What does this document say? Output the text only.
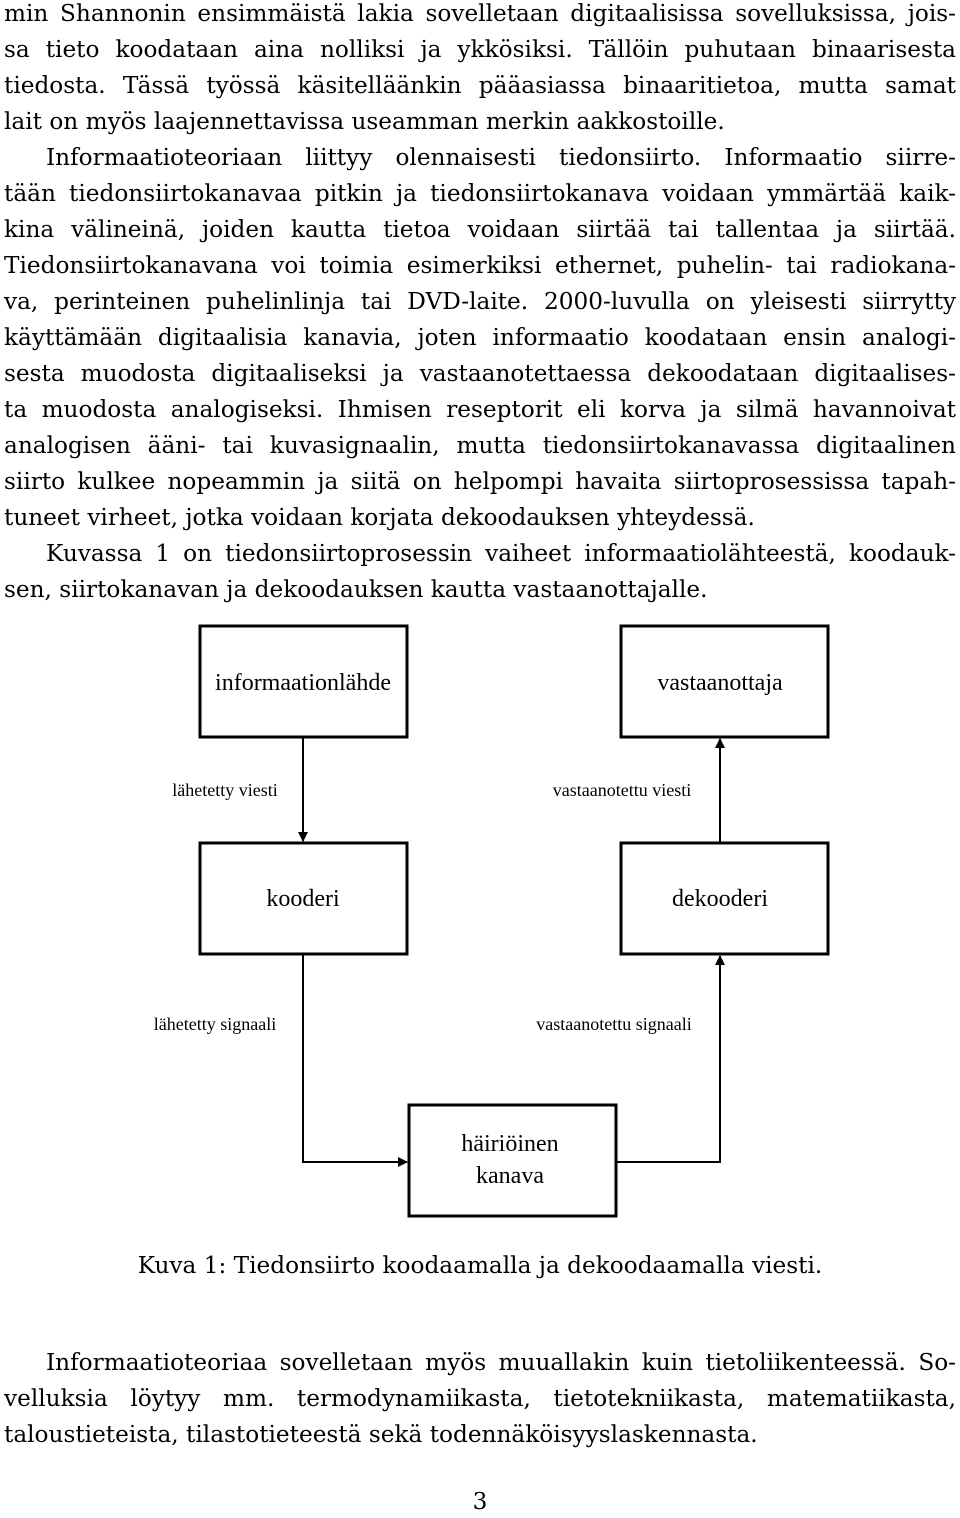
min Shannonin ensimmäistä lakia sovelletaan digitaalisissa sovelluksissa, jois-
sa tieto koodataan aina nolliksi ja ykkösiksi. Tällöin puhutaan binaarisesta
tiedosta. Tässä työssä käsitelläänkin pääasiassa binaaritietoa, mutta samat
lait on myös laajennettavissa useamman merkin aakkostoille.
Informaatioteoriaan liittyy olennaisesti tiedonsiirto. Informaatio siirre-
tään tiedonsiirtokanavaa pitkin ja tiedonsiirtokanava voidaan ymmärtää kaik-
kina välineinä, joiden kautta tietoa voidaan siirtää tai tallentaa ja siirtää.
Tiedonsiirtokanavana voi toimia esimerkiksi ethernet, puhelin- tai radiokana-
va, perinteinen puhelinlinja tai DVD-laite. 2000-luvulla on yleisesti siirrytty
käyttämään digitaalisia kanavia, joten informaatio koodataan ensin analogi-
sesta muodosta digitaaliseksi ja vastaanotettaessa dekoodataan digitaalises-
ta muodosta analogiseksi. Ihmisen reseptorit eli korva ja silmä havannoivat
analogisen ääni- tai kuvasignaalin, mutta tiedonsiirtokanavassa digitaalinen
siirto kulkee nopeammin ja siitä on helpompi havaita siirtoprosessissa tapah-
tuneet virheet, jotka voidaan korjata dekoodauksen yhteydessä.
Kuvassa 1 on tiedonsiirtoprosessin vaiheet informaatiolähteestä, koodauk-
sen, siirtokanavan ja dekoodauksen kautta vastaanottajalle.
informaationlähde	vastaanottaja
kooderi	dekooderi
häiriöinen
kanava
lähetetty viesti	vastaanotettu viesti
lähetetty signaali	vastaanotettu signaali
Kuva 1: Tiedonsiirto koodaamalla ja dekoodaamalla viesti.
Informaatioteoriaa sovelletaan myös muuallakin kuin tietoliikenteessä. So-
velluksia löytyy mm. termodynamiikasta, tietotekniikasta, matematiikasta,
taloustieteista, tilastotieteestä sekä todennäköisyyslaskennasta.
3
